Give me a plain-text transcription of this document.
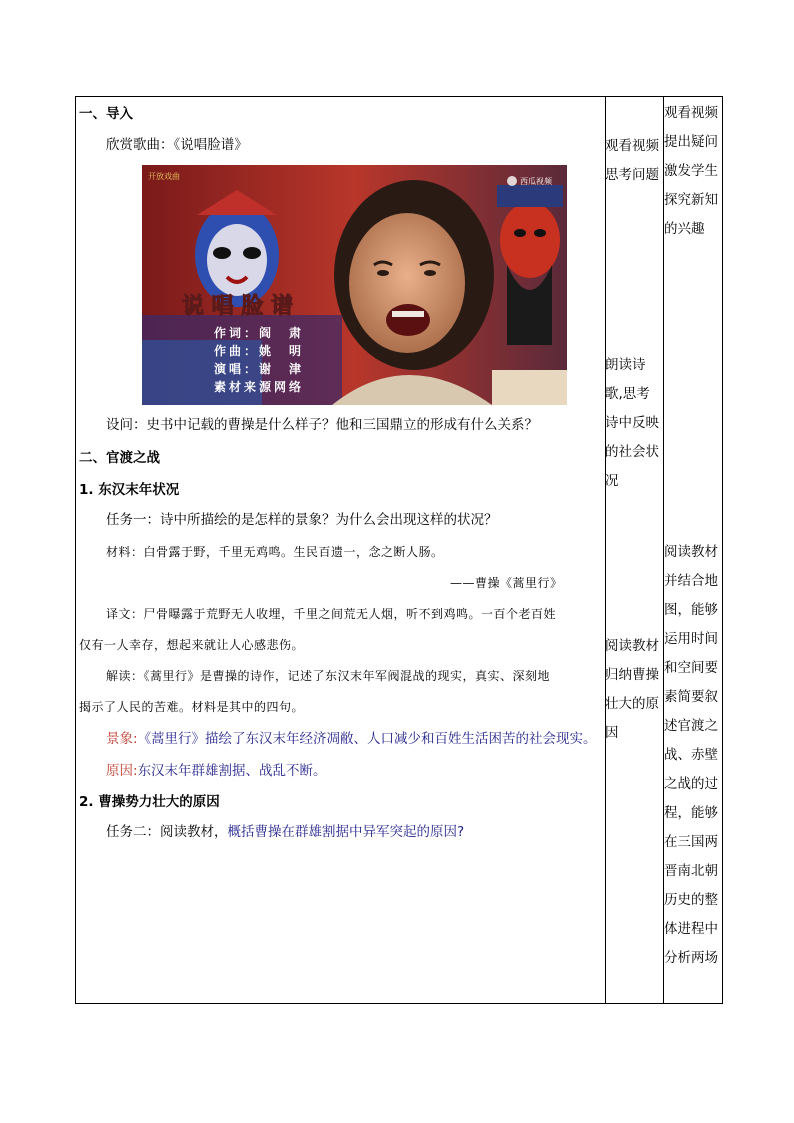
一、导入
欣赏歌曲：《说唱脸谱》
开放戏曲
西瓜视频
说 唱 脸 谱
作词：阎　肃
作曲：姚　明
演唱：谢　津
素材来源网络
设问：史书中记载的曹操是什么样子？他和三国鼎立的形成有什么关系？
二、官渡之战
1. 东汉末年状况
任务一：诗中所描绘的是怎样的景象？为什么会出现这样的状况？
材料：白骨露于野，千里无鸡鸣。生民百遗一，念之断人肠。
——曹操《蒿里行》
译文：尸骨曝露于荒野无人收埋，千里之间荒无人烟，听不到鸡鸣。一百个老百姓
仅有一人幸存，想起来就让人心感悲伤。
解读：《蒿里行》是曹操的诗作，记述了东汉末年军阀混战的现实，真实、深刻地
揭示了人民的苦难。材料是其中的四句。
景象:《蒿里行》描绘了东汉末年经济凋敝、人口减少和百姓生活困苦的社会现实。
原因:东汉末年群雄割据、战乱不断。
2. 曹操势力壮大的原因
任务二：阅读教材，概括曹操在群雄割据中异军突起的原因?
观看视频思考问题
朗读诗歌,思考诗中反映的社会状况
阅读教材归纳曹操壮大的原因
观看视频提出疑问激发学生探究新知的兴趣
阅读教材并结合地图，能够运用时间和空间要素简要叙述官渡之战、赤壁之战的过程，能够在三国两晋南北朝历史的整体进程中分析两场
